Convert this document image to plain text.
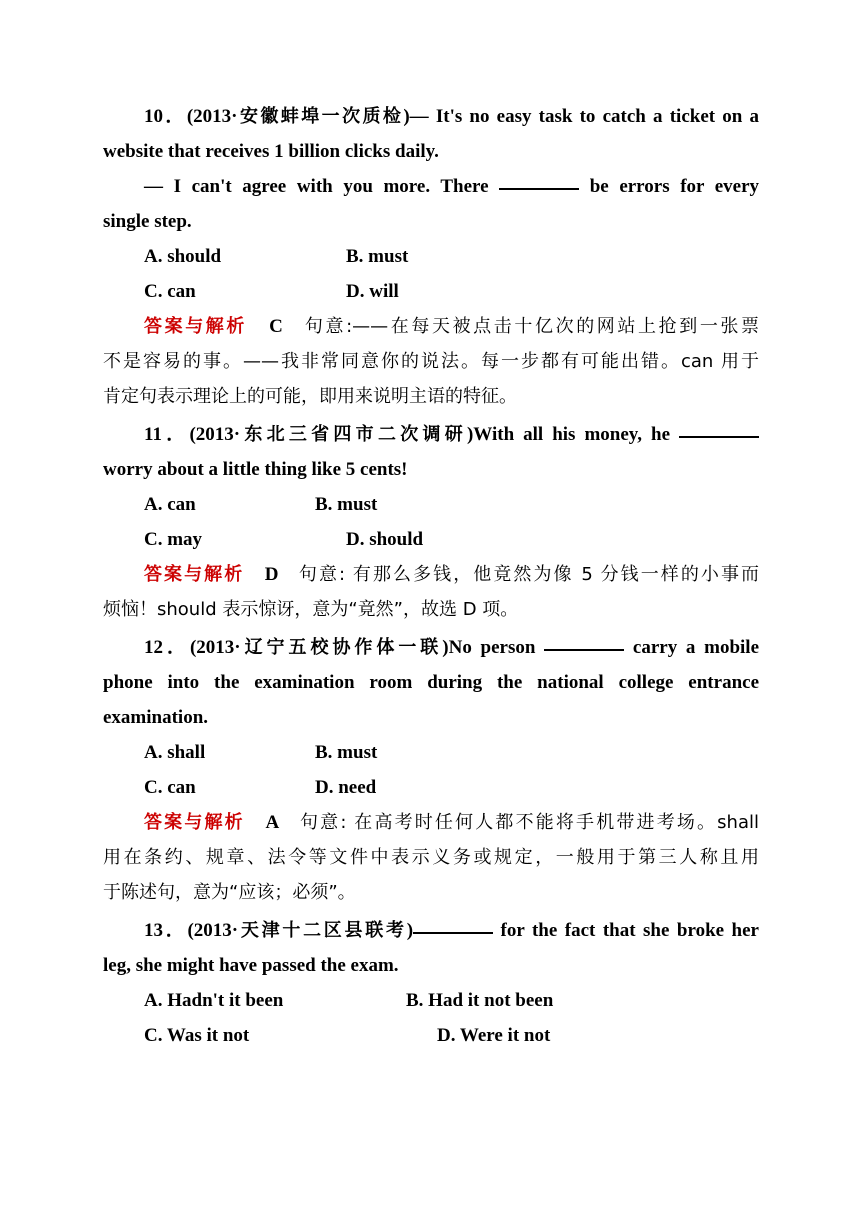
10．(2013·安徽蚌埠一次质检)— It's no easy task to catch a ticket on a
website that receives 1 billion clicks daily.
— I can't agree with you more. There	be errors for every
single step.
A. should	B. must
C. can	D. will
答案与解析 C 句意:——在每天被点击十亿次的网站上抢到一张票
不是容易的事。——我非常同意你的说法。每一步都有可能出错。can 用于
肯定句表示理论上的可能，即用来说明主语的特征。
11．(2013·东北三省四市二次调研)With all his money, he
worry about a little thing like 5 cents!
A. can	B. must
C. may	D. should
答案与解析 D 句意: 有那么多钱，他竟然为像 5 分钱一样的小事而
烦恼！should 表示惊讶，意为“竟然”，故选 D 项。
12．(2013·辽宁五校协作体一联)No person	carry a mobile
phone into the examination room during the national college entrance
examination.
A. shall	B. must
C. can	D. need
答案与解析 A 句意: 在高考时任何人都不能将手机带进考场。shall
用在条约、规章、法令等文件中表示义务或规定，一般用于第三人称且用
于陈述句，意为“应该；必须”。
13．(2013·天津十二区县联考)	for the fact that she broke her
leg, she might have passed the exam.
A. Hadn't it been	B. Had it not been
C. Was it not	D. Were it not
